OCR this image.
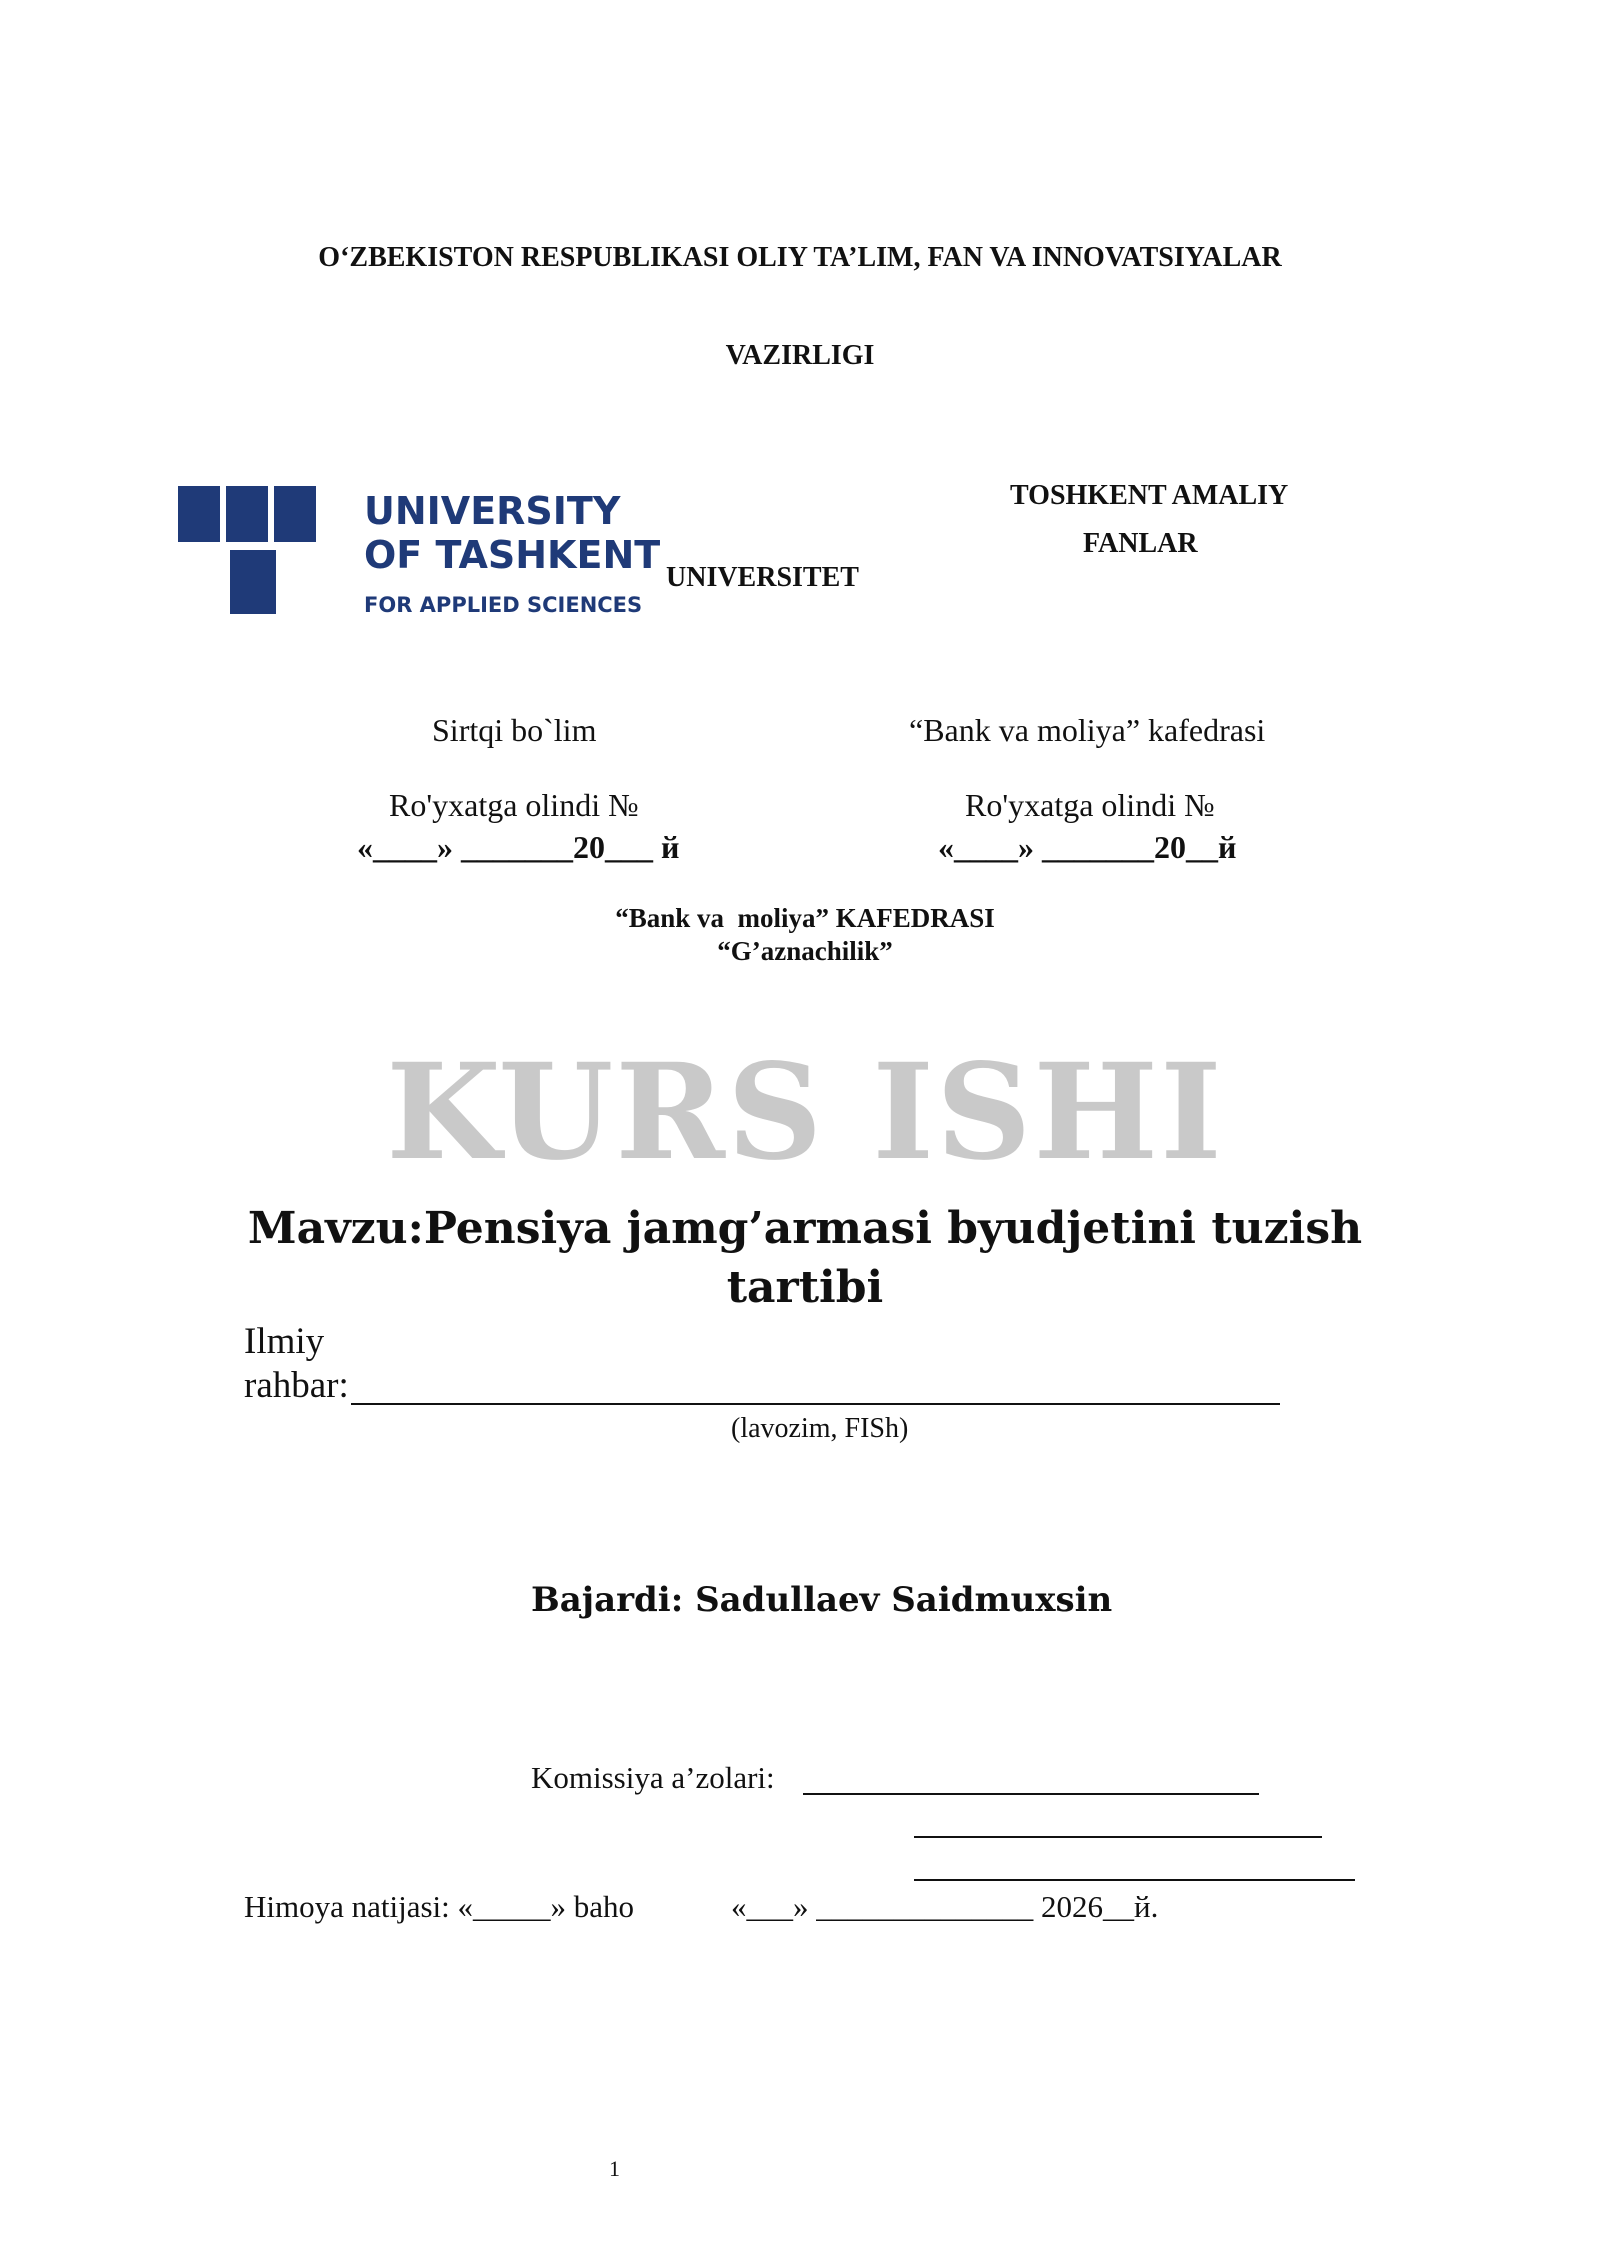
O‘ZBEKISTON RESPUBLIKASI OLIY TA’LIM, FAN VA INNOVATSIYALAR
VAZIRLIGI
UNIVERSITY
OF TASHKENT
FOR APPLIED SCIENCES
TOSHKENT AMALIY
FANLAR
UNIVERSITET
Sirtqi bo`lim	“Bank va moliya” kafedrasi
Ro'yxatga olindi №	Ro'yxatga olindi №
«____» _______20___ й	«____» _______20__й
“Bank va  moliya” KAFEDRASI
“G’aznachilik”
KURS ISHI
Mavzu:Pensiya jamg’armasi byudjetini tuzish
tartibi
Ilmiy
rahbar:
(lavozim, FISh)
Bajardi: Sadullaev Saidmuxsin
Komissiya a’zolari:
Himoya natijasi: «_____» baho	«___» ______________ 2026__й.
1
